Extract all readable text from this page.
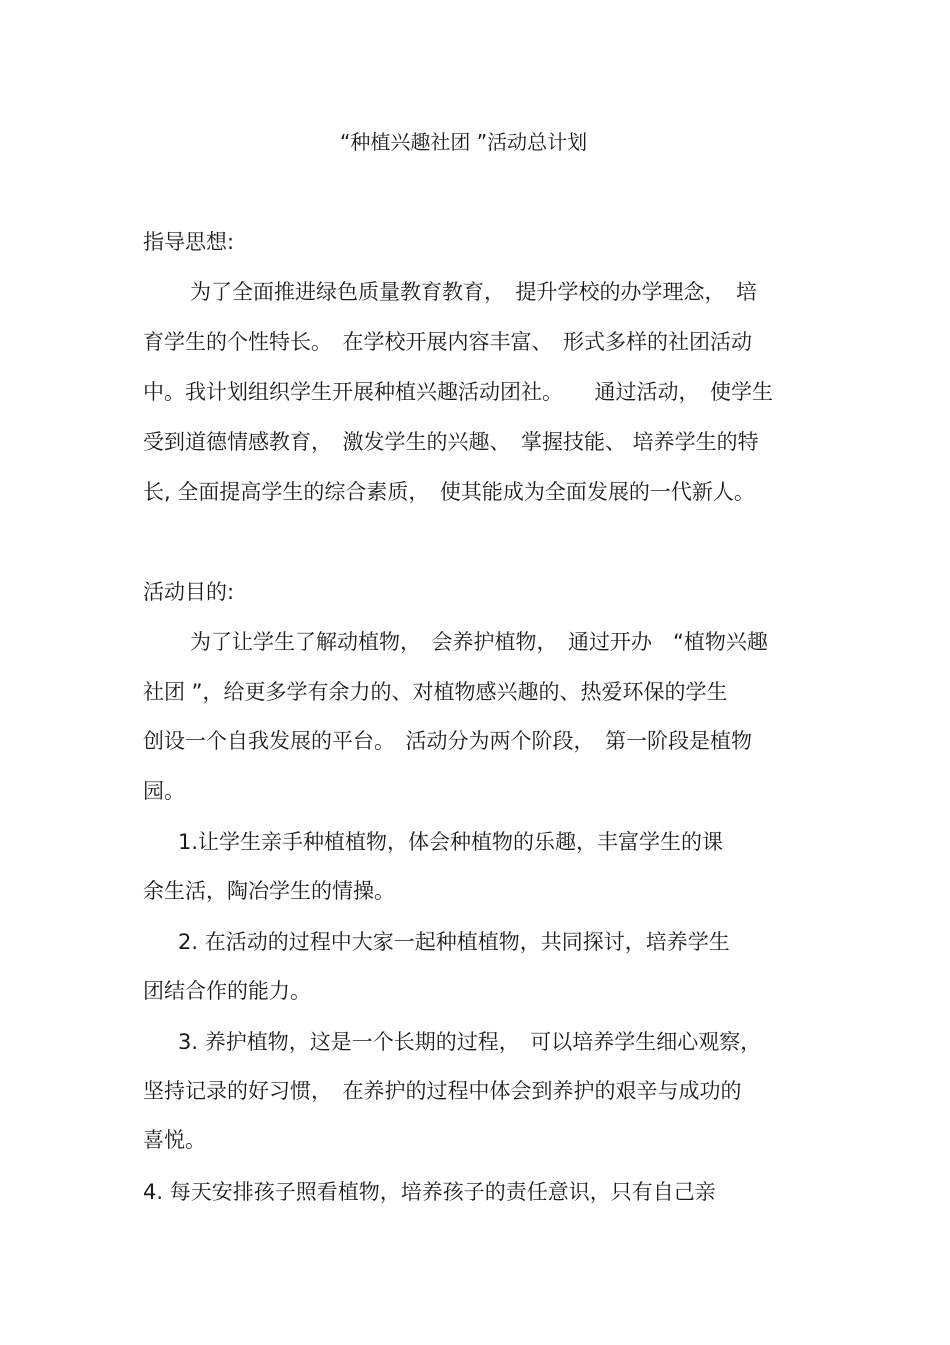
“种植兴趣社团 ”活动总计划

指导思想:

为了全面推进绿色质量教育教育，　提升学校的办学理念，　培

育学生的个性特长。　在学校开展内容丰富、　形式多样的社团活动

中。我计划组织学生开展种植兴趣活动团社。　　通过活动，　使学生

受到道德情感教育，　激发学生的兴趣、　掌握技能、 培养学生的特

长, 全面提高学生的综合素质，　使其能成为全面发展的一代新人。

活动目的:

为了让学生了解动植物，　会养护植物，　通过开办　“植物兴趣

社团 ”，给更多学有余力的、对植物感兴趣的、热爱环保的学生

创设一个自我发展的平台。　活动分为两个阶段，　第一阶段是植物

园。

1.让学生亲手种植植物，体会种植物的乐趣，丰富学生的课

余生活，陶冶学生的情操。

2. 在活动的过程中大家一起种植植物，共同探讨，培养学生

团结合作的能力。

3. 养护植物，这是一个长期的过程，　可以培养学生细心观察，

坚持记录的好习惯，　在养护的过程中体会到养护的艰辛与成功的

喜悦。

4. 每天安排孩子照看植物，培养孩子的责任意识，只有自己亲
